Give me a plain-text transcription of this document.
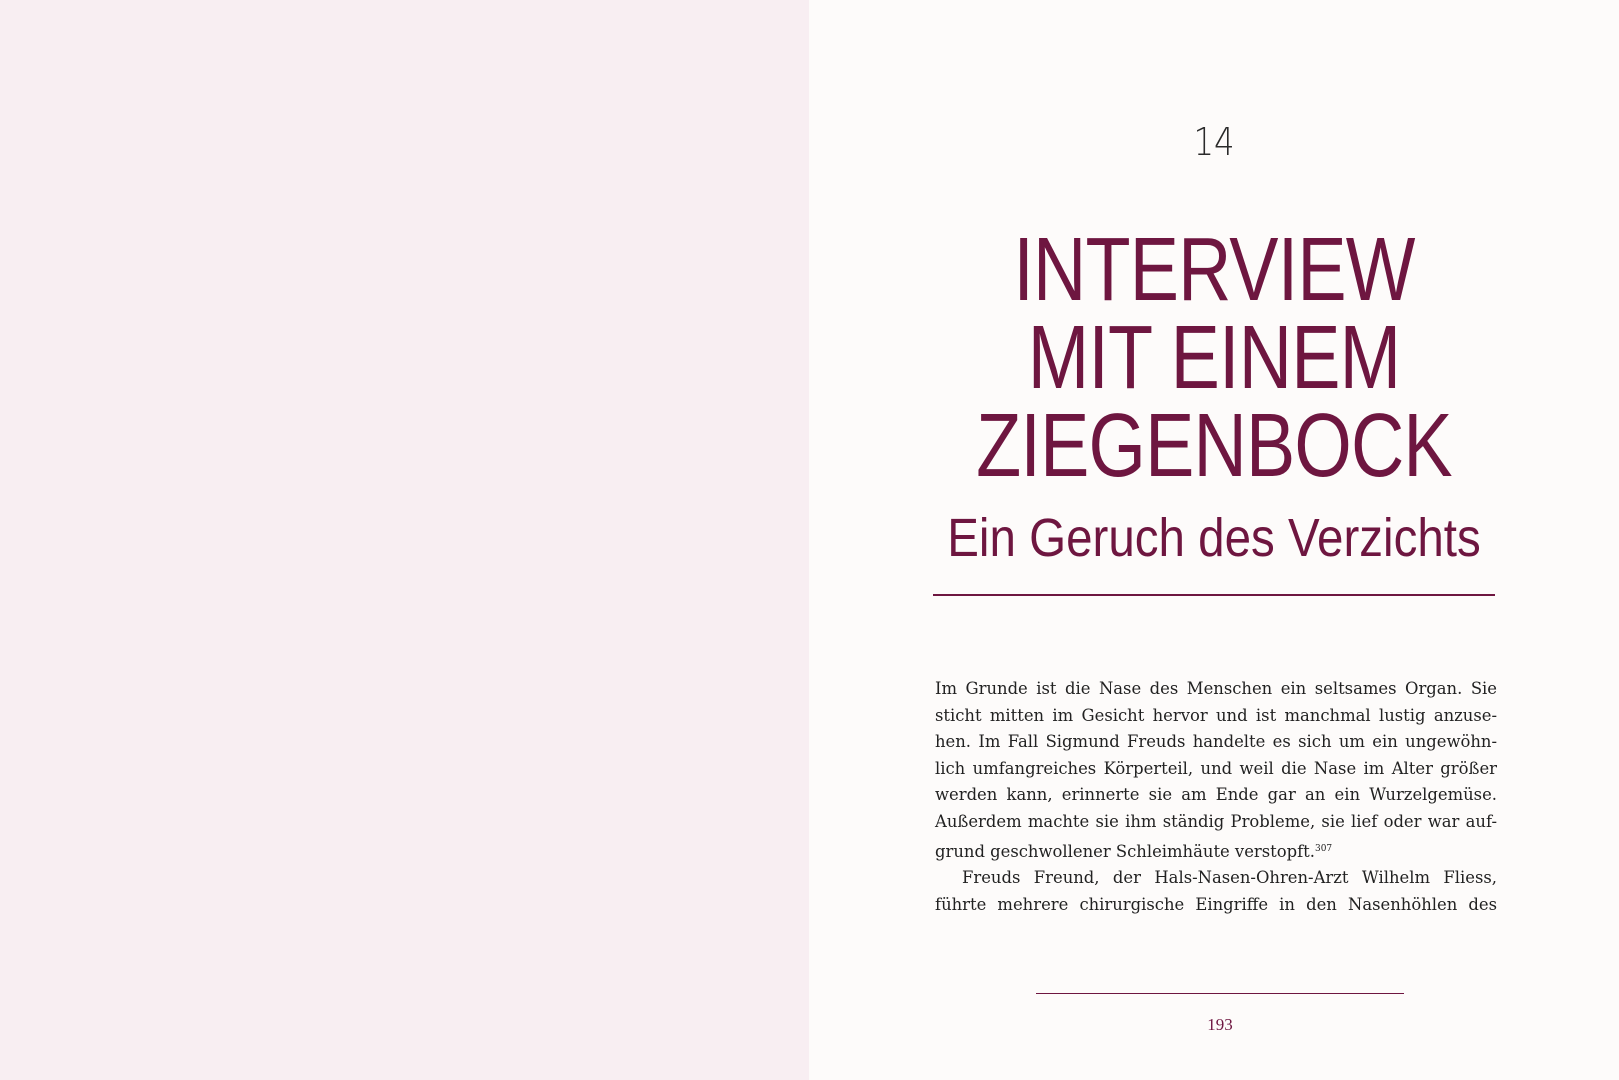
14
INTERVIEW
MIT EINEM
ZIEGENBOCK
Ein Geruch des Verzichts

Im Grunde ist die Nase des Menschen ein seltsames Organ. Sie
sticht mitten im Gesicht hervor und ist manchmal lustig anzuse-
hen. Im Fall Sigmund Freuds handelte es sich um ein ungewöhn-
lich umfangreiches Körperteil, und weil die Nase im Alter größer
werden kann, erinnerte sie am Ende gar an ein Wurzelgemüse.
Außerdem machte sie ihm ständig Probleme, sie lief oder war auf-
grund geschwollener Schleimhäute verstopft.$^{307}$

Freuds Freund, der Hals-Nasen-Ohren-Arzt Wilhelm Fliess,
führte mehrere chirurgische Eingriffe in den Nasenhöhlen des

193
